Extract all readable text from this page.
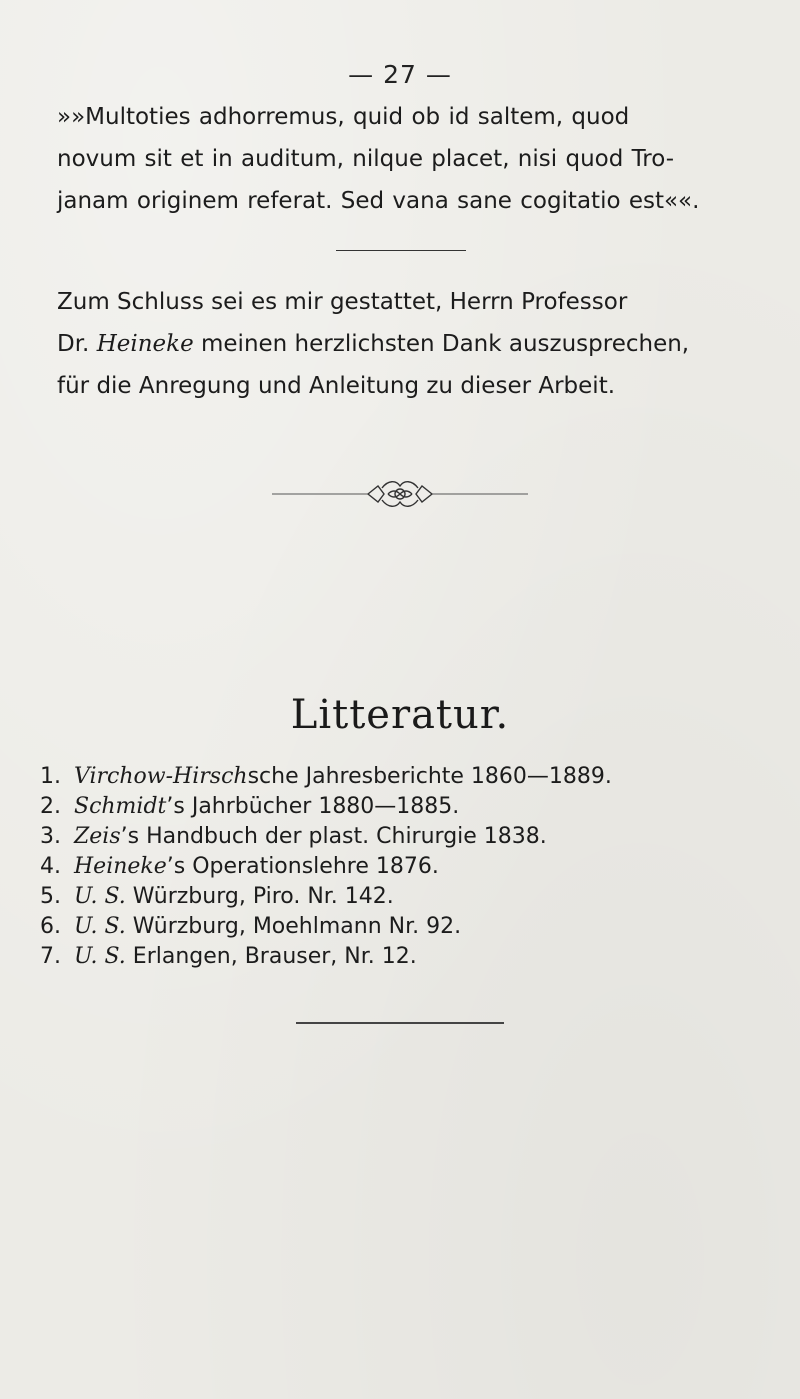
— 27 —
»»Multoties adhorremus, quid ob id saltem, quod
novum sit et in auditum, nilque placet, nisi quod Tro-
janam originem referat. Sed vana sane cogitatio est««.
Zum Schluss sei es mir gestattet, Herrn Professor
Dr. Heineke meinen herzlichsten Dank auszusprechen,
für die Anregung und Anleitung zu dieser Arbeit.
Litteratur.
1. Virchow-Hirschsche Jahresberichte 1860—1889.
2. Schmidt’s Jahrbücher 1880—1885.
3. Zeis’s Handbuch der plast. Chirurgie 1838.
4. Heineke’s Operationslehre 1876.
5. U. S. Würzburg, Piro. Nr. 142.
6. U. S. Würzburg, Moehlmann Nr. 92.
7. U. S. Erlangen, Brauser, Nr. 12.
